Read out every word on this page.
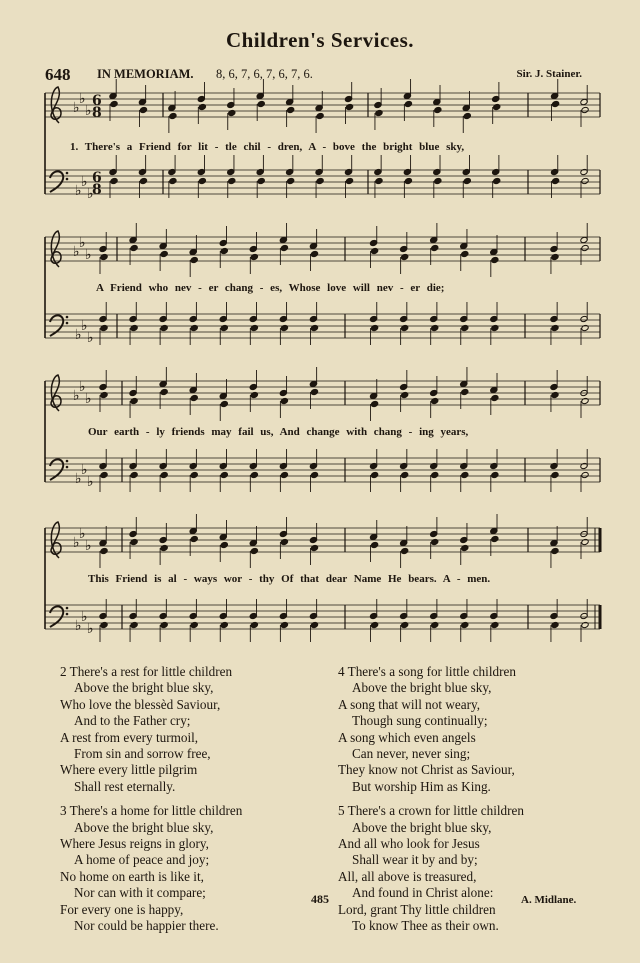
Children's Services.
648 IN MEMORIAM. 8, 6, 7, 6, 7, 6, 7, 6.	Sir. J. Stainer.
♭
♭
♭
♭
♭
♭
6
8
6
8
♭
♭
♭
♭
♭
♭
♭
♭
♭
♭
♭
♭
♭
♭
♭
♭
♭
♭
1. There's a Friend for lit - tle chil - dren, A - bove the bright blue sky,
A Friend who nev - er chang - es, Whose love will nev - er die;
Our earth - ly friends may fail us, And change with chang - ing years,
This Friend is al - ways wor - thy Of that dear Name He bears. A - men.
2 There's a rest for little children
Above the bright blue sky,
Who love the blessèd Saviour,
And to the Father cry;
A rest from every turmoil,
From sin and sorrow free,
Where every little pilgrim
Shall rest eternally.
3 There's a home for little children
Above the bright blue sky,
Where Jesus reigns in glory,
A home of peace and joy;
No home on earth is like it,
Nor can with it compare;
For every one is happy,
Nor could be happier there.
4 There's a song for little children
Above the bright blue sky,
A song that will not weary,
Though sung continually;
A song which even angels
Can never, never sing;
They know not Christ as Saviour,
But worship Him as King.
5 There's a crown for little children
Above the bright blue sky,
And all who look for Jesus
Shall wear it by and by;
All, all above is treasured,
And found in Christ alone:
Lord, grant Thy little children
To know Thee as their own.
485	A. Midlane.
